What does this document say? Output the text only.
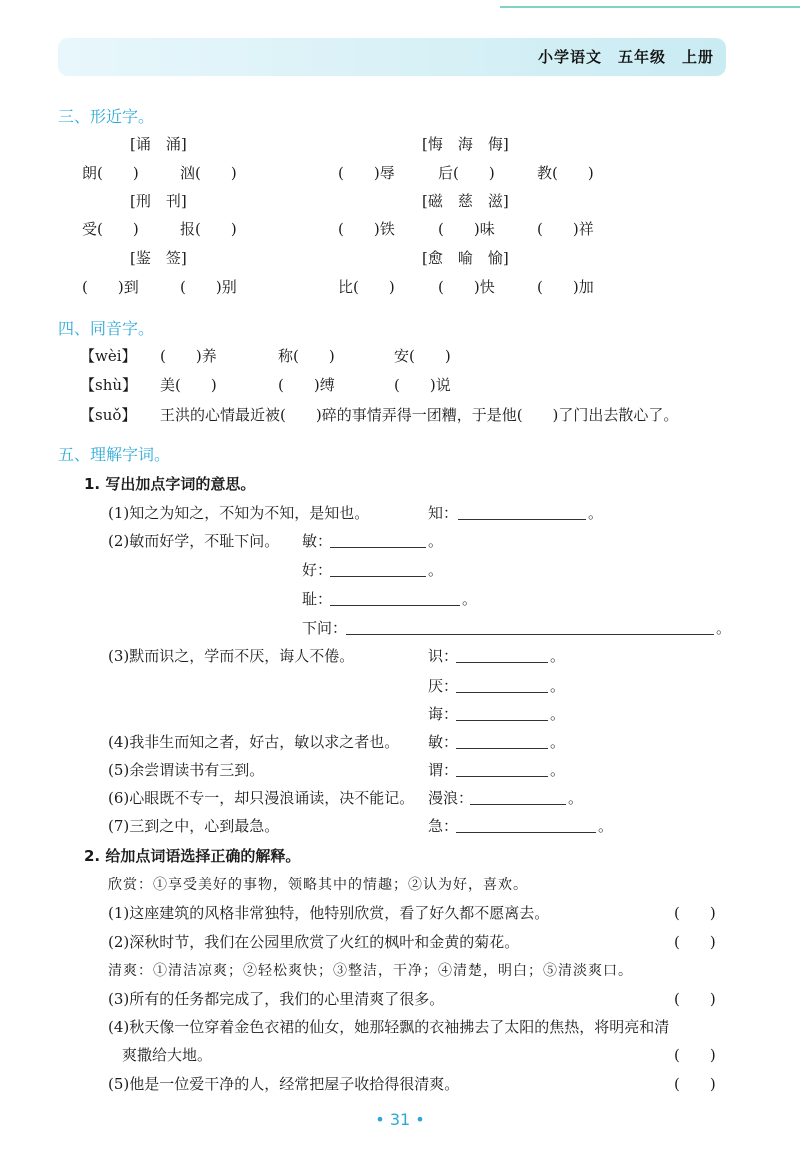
小学语文　五年级　上册
三、形近字。
[诵　涌]	[悔　海　侮]
朗(　　)	汹(　　)	(　　)辱	后(　　)	教(　　)
[刑　刊]	[磁　慈　滋]
受(　　)	报(　　)	(　　)铁	(　　)味	(　　)祥
[鉴　签]	[愈　喻　愉]
(　　)到	(　　)别	比(　　)	(　　)快	(　　)加
四、同音字。
【wèi】 (　　)养	称(　　)	安(　　)
【shù】 美(　　)	(　　)缚	(　　)说
【suǒ】 王洪的心情最近被(　　)碎的事情弄得一团糟，于是他(　　)了门出去散心了。
五、理解字词。
1. 写出加点字词的意思。
(1)知之为知之，不知为不知，是知也。	知：	。
(2)敏而好学，不耻下问。 敏：	。
好：	。
耻：	。
下问：	。
(3)默而识之，学而不厌，诲人不倦。	识：	。
厌：	。
诲：	。
(4)我非生而知之者，好古，敏以求之者也。 敏：	。
(5)余尝谓读书有三到。	谓：	。
(6)心眼既不专一，却只漫浪诵读，决不能记。 漫浪：	。
(7)三到之中，心到最急。	急：	。
2. 给加点词语选择正确的解释。
欣赏：①享受美好的事物，领略其中的情趣；②认为好，喜欢。
(1)这座建筑的风格非常独特，他特别欣赏，看了好久都不愿离去。	(　　)
(2)深秋时节，我们在公园里欣赏了火红的枫叶和金黄的菊花。	(　　)
清爽：①清洁凉爽；②轻松爽快；③整洁，干净；④清楚，明白；⑤清淡爽口。
(3)所有的任务都完成了，我们的心里清爽了很多。	(　　)
(4)秋天像一位穿着金色衣裙的仙女，她那轻飘的衣袖拂去了太阳的焦热，将明亮和清
爽撒给大地。	(　　)
(5)他是一位爱干净的人，经常把屋子收拾得很清爽。	(　　)
• 31 •
